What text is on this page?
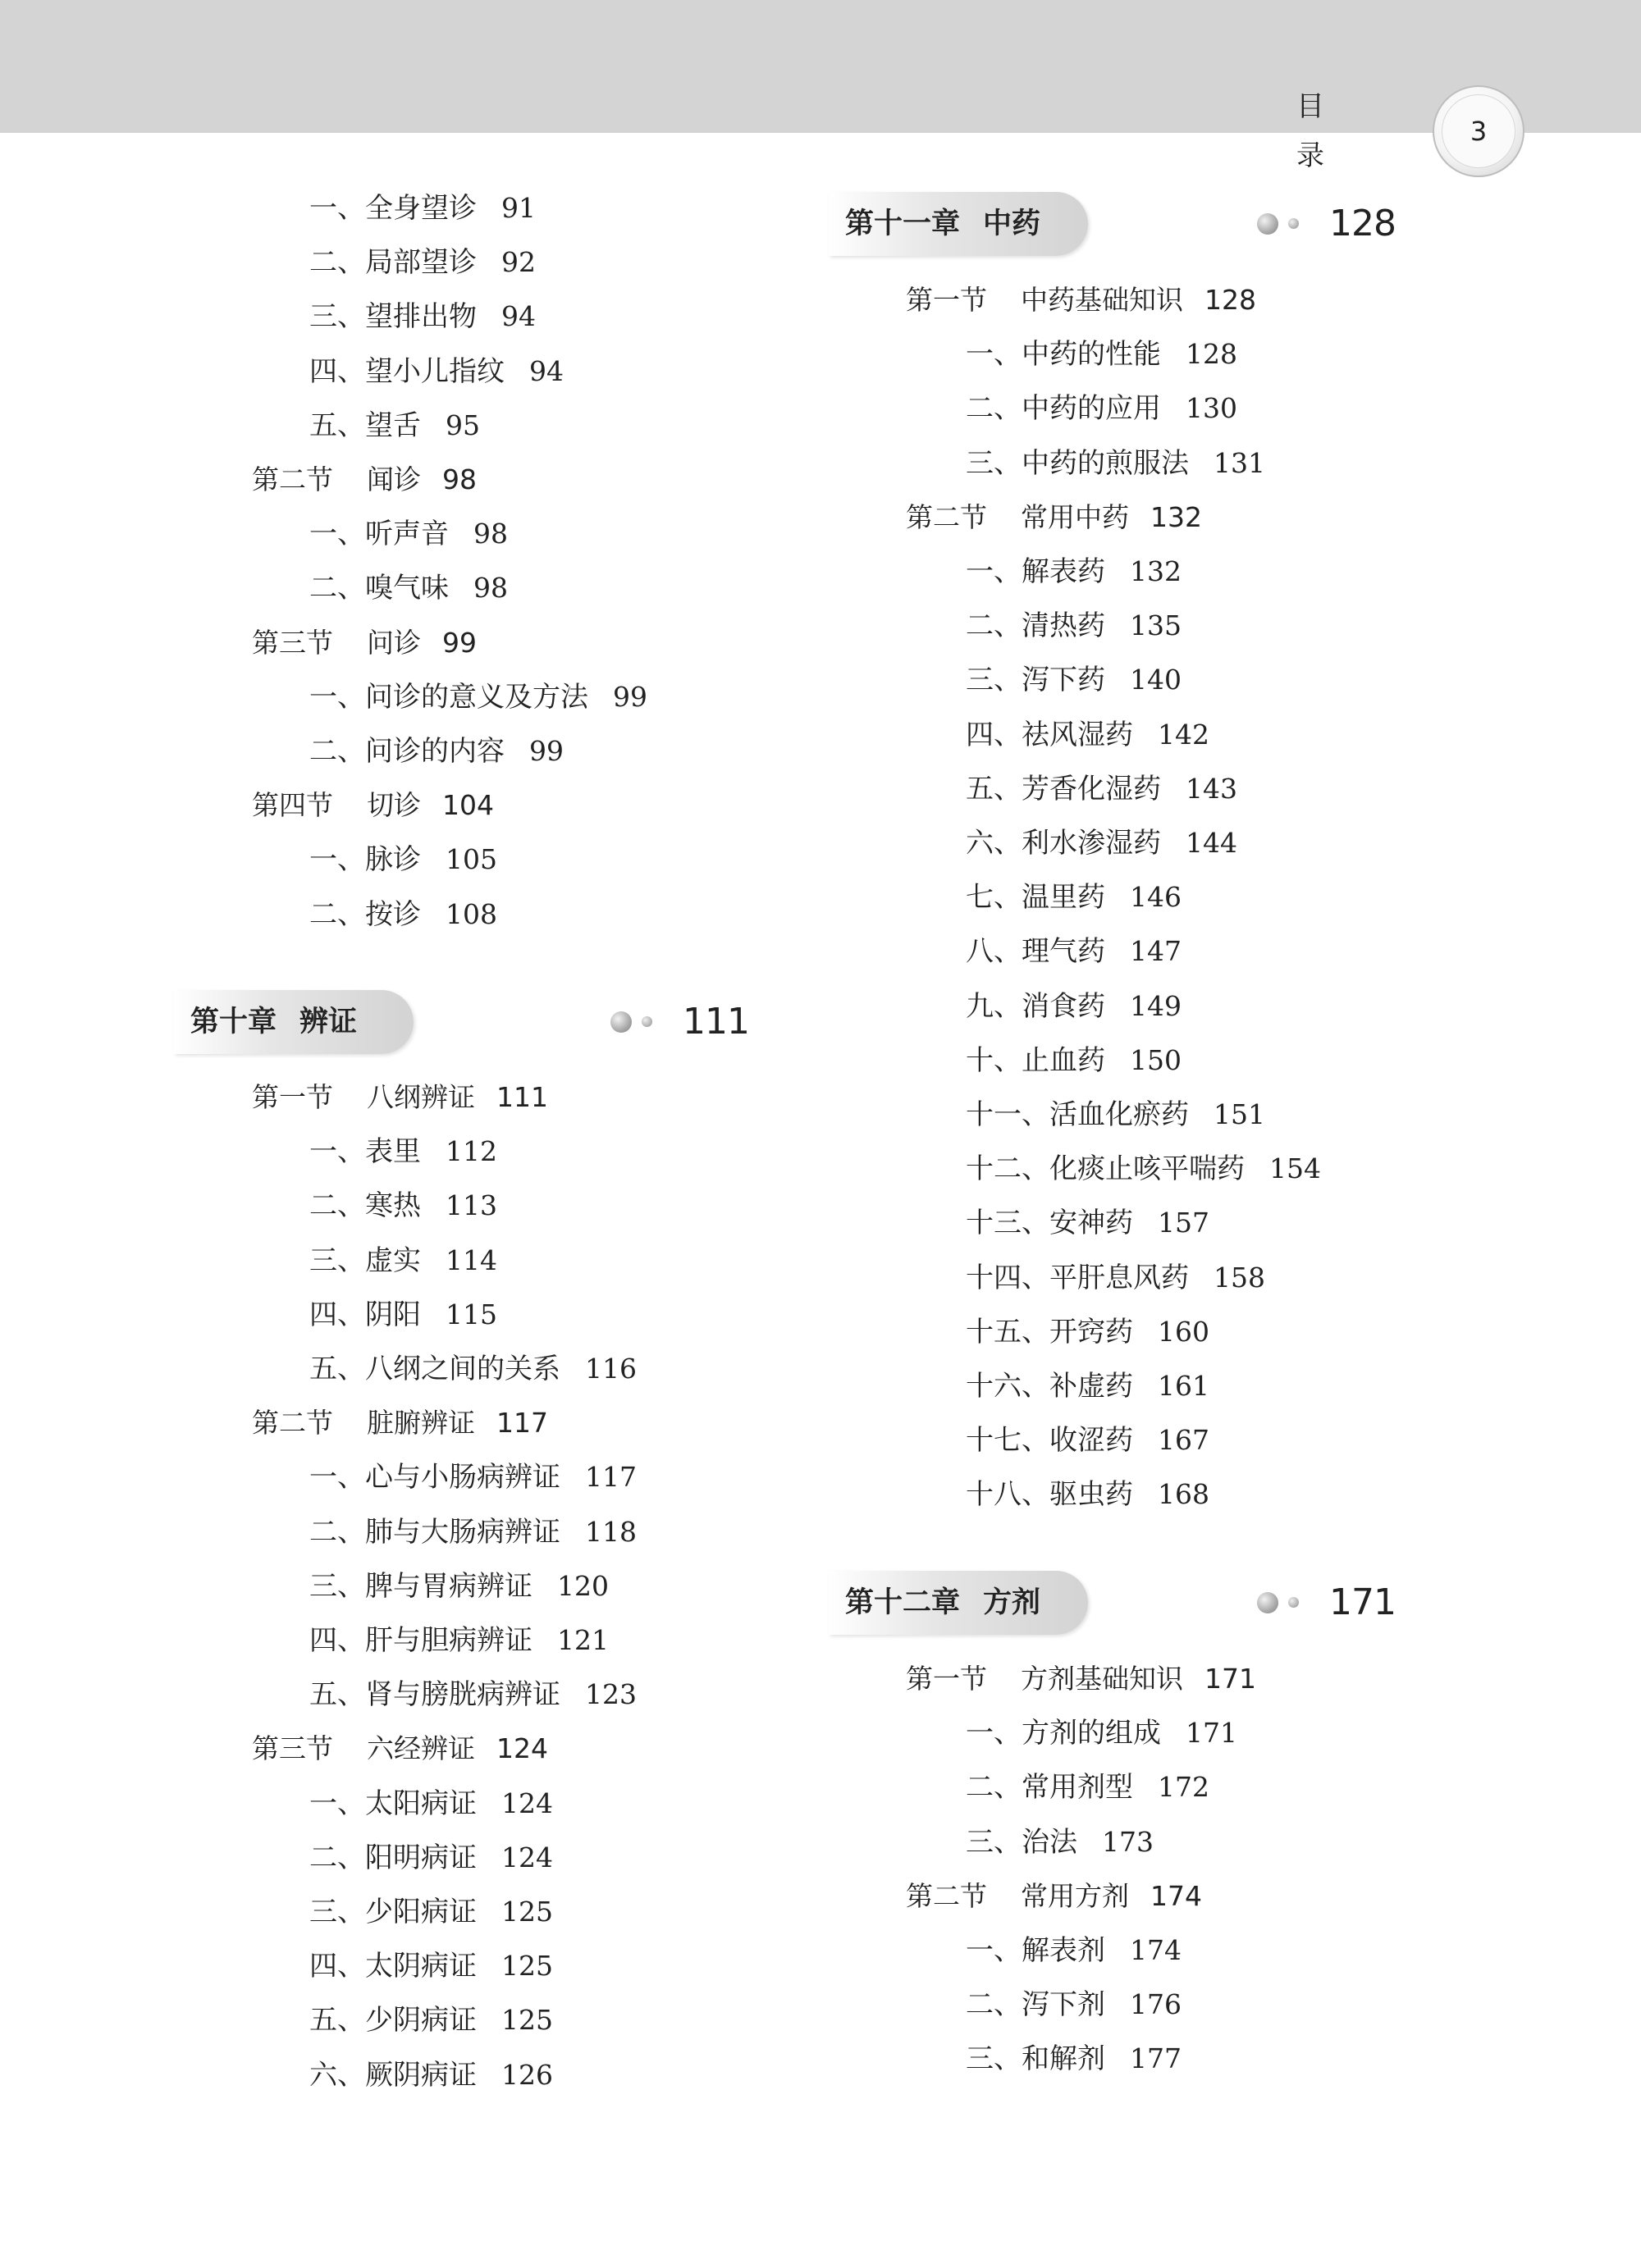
目 录
3
一、全身望诊 91
二、局部望诊 92
三、望排出物 94
四、望小儿指纹 94
五、望舌 95
第二节 闻诊 98
一、听声音 98
二、嗅气味 98
第三节 问诊 99
一、问诊的意义及方法 99
二、问诊的内容 99
第四节 切诊 104
一、脉诊 105
二、按诊 108
第十章 辨证	111
第一节 八纲辨证 111
一、表里 112
二、寒热 113
三、虚实 114
四、阴阳 115
五、八纲之间的关系 116
第二节 脏腑辨证 117
一、心与小肠病辨证 117
二、肺与大肠病辨证 118
三、脾与胃病辨证 120
四、肝与胆病辨证 121
五、肾与膀胱病辨证 123
第三节 六经辨证 124
一、太阳病证 124
二、阳明病证 124
三、少阳病证 125
四、太阴病证 125
五、少阴病证 125
六、厥阴病证 126
第十一章 中药	128
第一节 中药基础知识 128
一、中药的性能 128
二、中药的应用 130
三、中药的煎服法 131
第二节 常用中药 132
一、解表药 132
二、清热药 135
三、泻下药 140
四、祛风湿药 142
五、芳香化湿药 143
六、利水渗湿药 144
七、温里药 146
八、理气药 147
九、消食药 149
十、止血药 150
十一、活血化瘀药 151
十二、化痰止咳平喘药 154
十三、安神药 157
十四、平肝息风药 158
十五、开窍药 160
十六、补虚药 161
十七、收涩药 167
十八、驱虫药 168
第十二章 方剂	171
第一节 方剂基础知识 171
一、方剂的组成 171
二、常用剂型 172
三、治法 173
第二节 常用方剂 174
一、解表剂 174
二、泻下剂 176
三、和解剂 177
